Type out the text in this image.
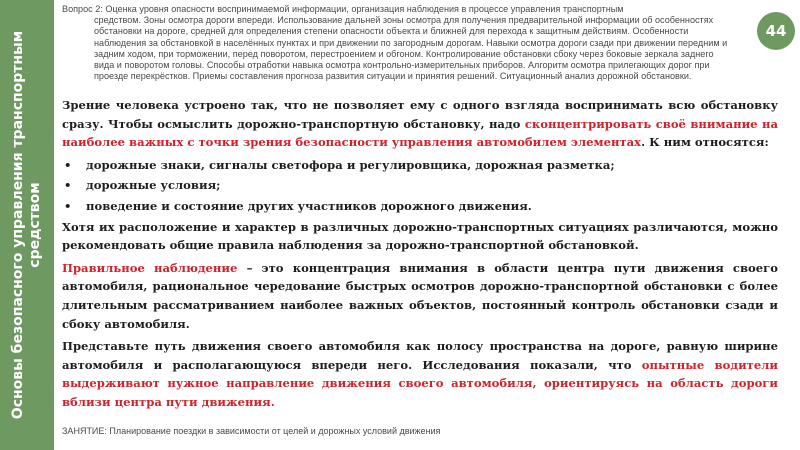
Основы безопасного управления транспортным средством
Вопрос 2: Оценка уровня опасности воспринимаемой информации, организация наблюдения в процессе управления транспортным
средством. Зоны осмотра дороги впереди. Использование дальней зоны осмотра для получения предварительной информации об особенностях обстановки на дороге, средней для определения степени опасности объекта и ближней для перехода к защитным действиям. Особенности наблюдения за обстановкой в населённых пунктах и при движении по загородным дорогам. Навыки осмотра дороги сзади при движении передним и задним ходом, при торможении, перед поворотом, перестроением и обгоном. Контролирование обстановки сбоку через боковые зеркала заднего вида и поворотом головы. Способы отработки навыка осмотра контрольно-измерительных приборов. Алгоритм осмотра прилегающих дорог при проезде перекрёстков. Приемы составления прогноза развития ситуации и принятия решений. Ситуационный анализ дорожной обстановки.
44

Зрение человека устроено так, что не позволяет ему с одного взгляда воспринимать всю обстановку сразу. Чтобы осмыслить дорожно-транспортную обстановку, надо сконцентрировать своё внимание на наиболее важных с точки зрения безопасности управления автомобилем элементах. К ним относятся:

• дорожные знаки, сигналы светофора и регулировщика, дорожная разметка;
• дорожные условия;
• поведение и состояние других участников дорожного движения.

Хотя их расположение и характер в различных дорожно-транспортных ситуациях различаются, можно рекомендовать общие правила наблюдения за дорожно-транспортной обстановкой.

Правильное наблюдение – это концентрация внимания в области центра пути движения своего автомобиля, рациональное чередование быстрых осмотров дорожно-транспортной обстановки с более длительным рассматриванием наиболее важных объектов, постоянный контроль обстановки сзади и сбоку автомобиля.

Представьте путь движения своего автомобиля как полосу пространства на дороге, равную ширине автомобиля и располагающуюся впереди него. Исследования показали, что опытные водители выдерживают нужное направление движения своего автомобиля, ориентируясь на область дороги вблизи центра пути движения.

ЗАНЯТИЕ: Планирование поездки в зависимости от целей и дорожных условий движения
